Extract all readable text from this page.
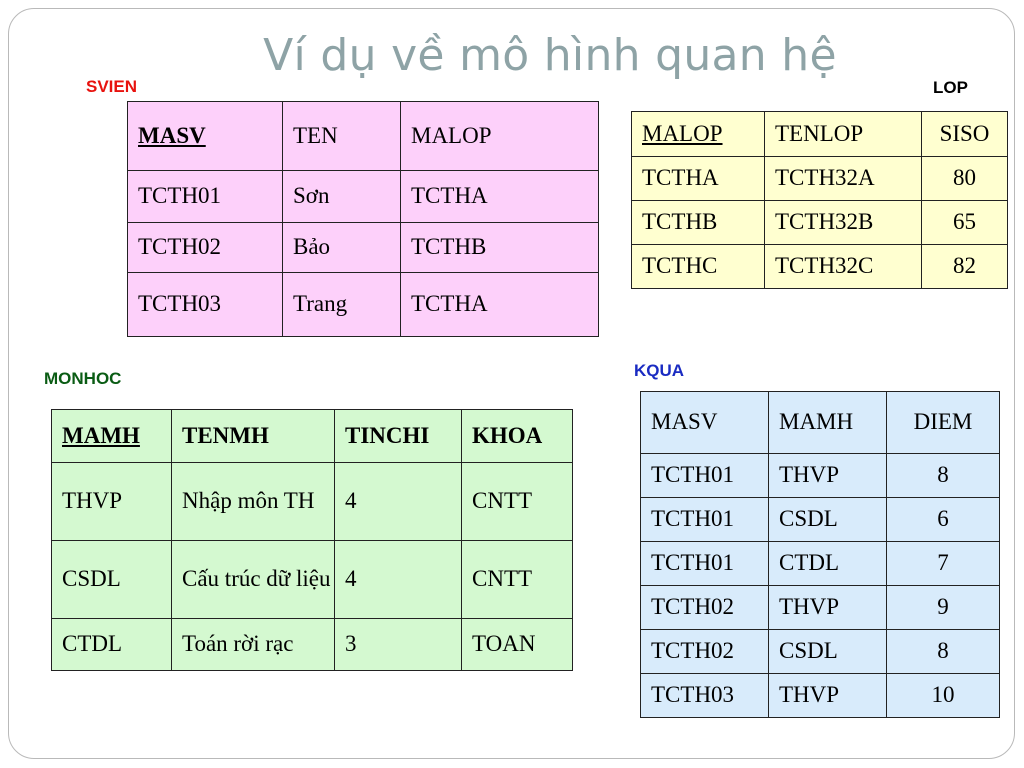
Ví dụ về mô hình quan hệ
SVIEN
MASV	TEN	MALOP
TCTH01	Sơn	TCTHA
TCTH02	Bảo	TCTHB
TCTH03	Trang	TCTHA
LOP
MALOP	TENLOP	SISO
TCTHA	TCTH32A	80
TCTHB	TCTH32B	65
TCTHC	TCTH32C	82
MONHOC
MAMH	TENMH	TINCHI	KHOA
THVP	Nhập môn TH	4	CNTT
CSDL	Cấu trúc dữ liệu	4	CNTT
CTDL	Toán rời rạc	3	TOAN
KQUA
MASV	MAMH	DIEM
TCTH01	THVP	8
TCTH01	CSDL	6
TCTH01	CTDL	7
TCTH02	THVP	9
TCTH02	CSDL	8
TCTH03	THVP	10
